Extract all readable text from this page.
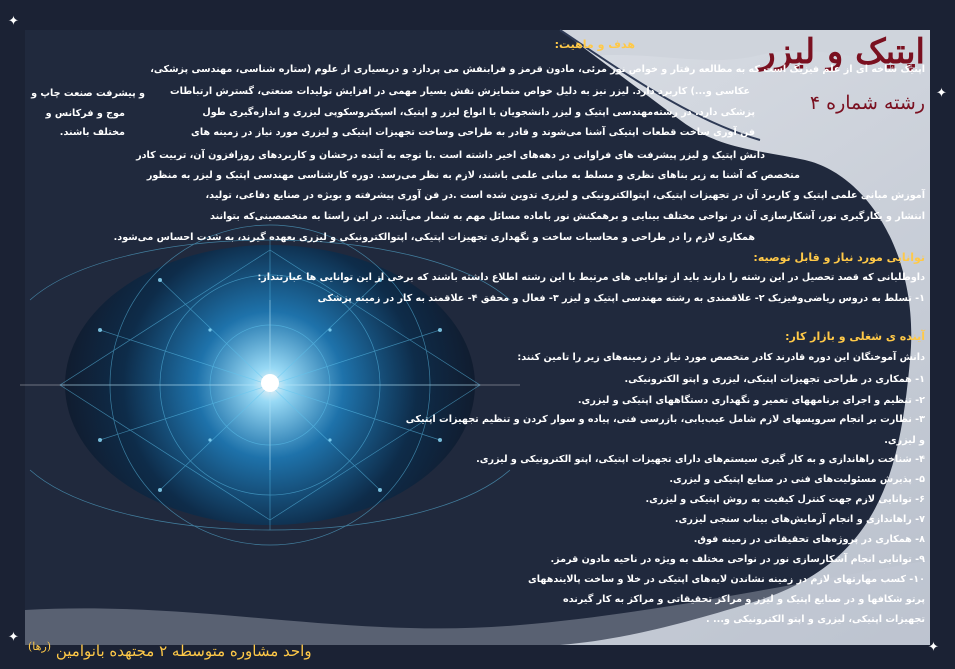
✦
✦
✦
✦
اپتیک و لیزر
رشته شماره ۴
هدف و ماهیت:
اپتیک شاخه ای از علم فیزیک است که به مطالعه رفتار و خواص نور مرئی، ماد‌ون قرمز و فرابنفش می پردازد و دربسیاری از علوم (ستاره شناسی، مهندسی پزشکی،
عکاسی و...) کاربرد دارد. لیزر نیز به دلیل خواص متمایزش نقش بسیار مهمی در افزایش تولیدات صنعتی، گسترش ارتباطات
پزشکی دارد. در رشته‌مهندسی اپتیک و لیزر دانشجویان با انواع لیزر و اپتیک، اسپکتروسکوپی لیزری و اندازه‌گیری طول
فن آوری ساخت قطعات اپتیکی آشنا می‌شوند و قادر به طراحی وساخت تجهیزات اپتیکی و لیزری مورد نیاز در زمینه های
دانش اپتیک و لیزر پیشرفت های فراوانی در دهه‌های اخیر داشته است .با توجه به آینده درخشان و کاربردهای روزافزون آن، تربیت کادر
متخصص که آشنا به زیر بناهای نظری و مسلط به مبانی علمی باشند، لازم به نظر می‌رسد. دوره کارشناسی مهندسی اپتیک و لیزر به منظور
آموزش مبانی علمی اپتیک و کاربرد آن در تجهیزات اپتیکی، اپتوالکترونیکی و لیزری تدوین شده است .در فن آوری پیشرفته و بویژه در صنایع دفاعی، تولید،
انتشار و بکارگیری نور، آشکارسازی آن در نواحی مختلف بینایی و برهمکنش نور باماده مسائل مهم به شمار می‌آیند. در این راستا به متخصصینی‌که بتوانند
همکاری لازم را در طراحی و محاسبات ساخت و نگهداری تجهیزات اپتیکی، اپتوالکترونیکی و لیزری بعهده گیرند، به شدت احساس می‌شود.
و پیشرفت صنعت چاپ و
موج و فرکانس و
مختلف باشند.
توانایی مورد نیاز و قابل توصیه:
داوطلبانی که قصد تحصیل در این رشته را دارند باید از توانایی های مرتبط با این رشته اطلاع داشته باشند که برخی از این توانایی ها عبارتنداز:
۱- تسلط به دروس ریاضی‌وفیزیک ۲- علاقمندی به رشته مهندسی اپتیک و لیزر ۳- فعال و محقق ۴- علاقمند به کار در زمینه پزشکی
آینده ی شغلی و بازار کار:
دانش آموختگان این دوره قادرند کادر متخصص مورد نیاز در زمینه‌های زیر را تامین کنند:
۱- همکاری در طراحی تجهیزات اپتیکی، لیزری و اپتو الکترونیکی.
۲- تنظیم و اجرای برنامههای تعمیر و نگهداری دستگاههای اپتیکی و لیزری.
۳- نظارت بر انجام سرویسهای لازم شامل عیب‌یابی، بازرسی فنی، پیاده و سوار کردن و تنظیم تجهیزات اپتیکی
و لیزری.
۴- شناخت راهاندازی و به کار گیری سیستم‌های دارای تجهیزات اپتیکی، اپتو الکترونیکی و لیزری.
۵- پذیرش مسئولیت‌های فنی در صنایع اپتیکی و لیزری.
۶- توانایی لازم جهت کنترل کیفیت به روش اپتیکی و لیزری.
۷- راهاندازی و انجام آزمایش‌های بیناب سنجی لیزری.
۸- همکاری در پروژه‌های تحقیقاتی در زمینه فوق.
۹- توانایی انجام آشکارسازی نور در نواحی مختلف به ویژه در ناحیه مادون قرمز.
۱۰- کسب مهارتهای لازم در زمینه نشاندن لایه‌های اپتیکی در خلا و ساخت پالایندههای
پرتو شکافها و در صنایع اپتیک و لیزر و مراکز تحقیقاتی و مراکز به کار گیرنده
تجهیزات اپتیکی، لیزری و اپتو الکترونیکی و... .
واحد مشاوره متوسطه ۲ مجتهده بانوامین $^{(رها)}$
